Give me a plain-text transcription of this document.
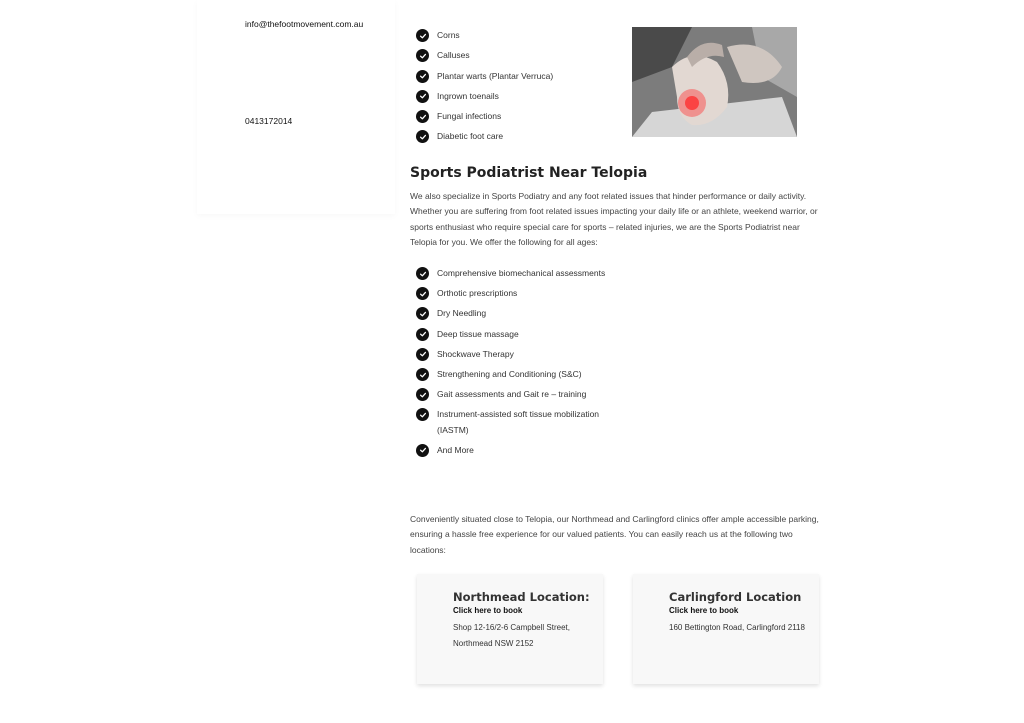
info@thefootmovement.com.au
0413172014
Corns
Calluses
Plantar warts (Plantar Verruca)
Ingrown toenails
Fungal infections
Diabetic foot care
Sports Podiatrist Near Telopia

We also specialize in Sports Podiatry and any foot related issues that hinder performance or daily activity. Whether you are suffering from foot related issues impacting your daily life or an athlete, weekend warrior, or sports enthusiast who require special care for sports – related injuries, we are the Sports Podiatrist near Telopia for you. We offer the following for all ages:

Comprehensive biomechanical assessments
Orthotic prescriptions
Dry Needling
Deep tissue massage
Shockwave Therapy
Strengthening and Conditioning (S&C)
Gait assessments and Gait re – training
Instrument-assisted soft tissue mobilization (IASTM)
And More

Conveniently situated close to Telopia, our Northmead and Carlingford clinics offer ample accessible parking, ensuring a hassle free experience for our valued patients. You can easily reach us at the following two locations:

Northmead Location:
Click here to book
Shop 12-16/2-6 Campbell Street, Northmead NSW 2152
Carlingford Location
Click here to book
160 Bettington Road, Carlingford 2118
